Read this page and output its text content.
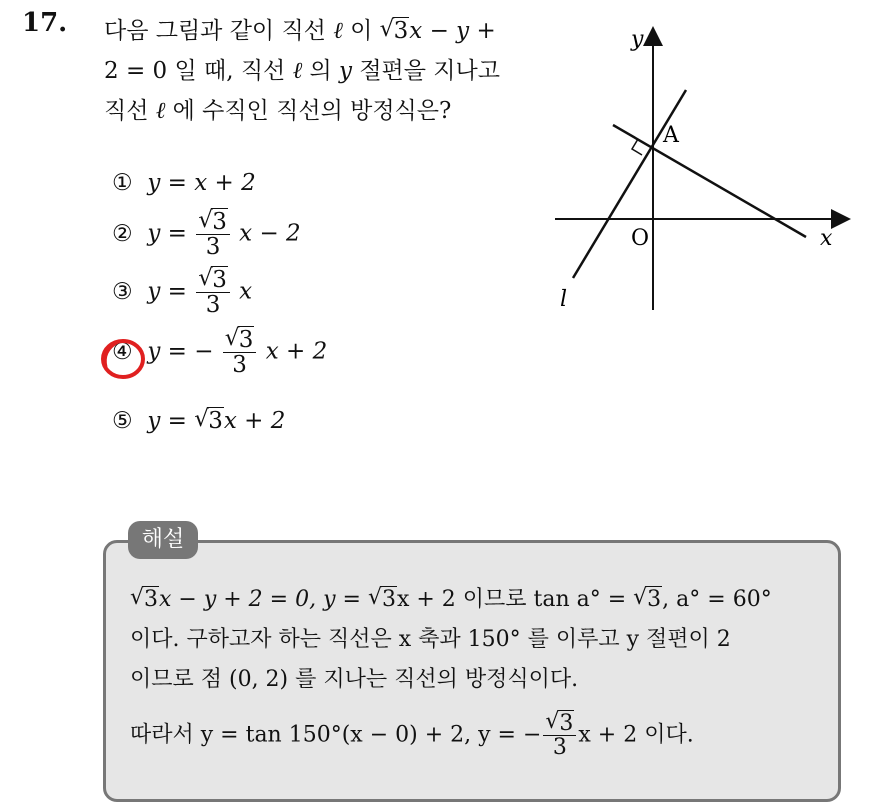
17. 다음 그림과 같이 직선 ℓ 이 √ 3x − y +
2 = 0 일 때, 직선 ℓ 의 y 절편을 지나고
직선 ℓ 에 수직인 직선의 방정식은?
① y = x + 2
② y = √ $\frac{3}{3}$ x − 2
③ y = √ $\frac{3}{3}$ x
④ y = − √ $\frac{3}{3}$ x + 2
⑤ y = √ 3x + 2
x
y
O
A
l
해설
√ 3x − y + 2 = 0, y = √ 3x + 2 이므로 tan a° = √ 3, a° = 60°
이다. 구하고자 하는 직선은 x 축과 150° 를 이루고 y 절편이 2
이므로 점 (0, 2) 를 지나는 직선의 방정식이다.
따라서 y = tan 150°(x − 0) + 2, y = − √ $\frac{3}{3}$ x + 2 이다.
